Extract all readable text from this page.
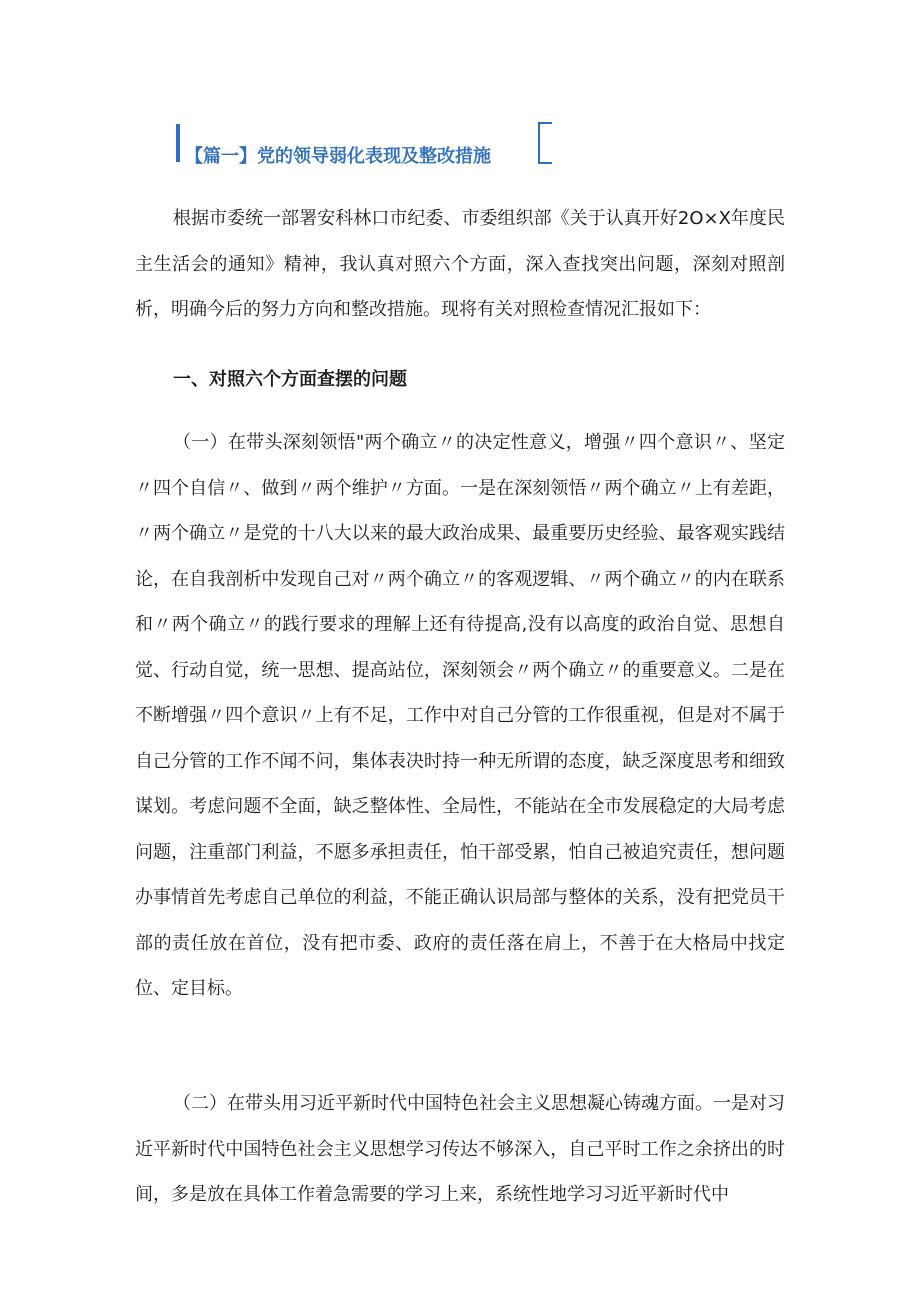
【篇一】党的领导弱化表现及整改措施

根据市委统一部署安科林口市纪委、市委组织部《关于认真开好2O×X年度民主生活会的通知》精神，我认真对照六个方面，深入查找突出问题，深刻对照剖析，明确今后的努力方向和整改措施。现将有关对照检查情况汇报如下：

一、对照六个方面查摆的问题

（一）在带头深刻领悟"两个确立〃的决定性意义，增强〃四个意识〃、坚定〃四个自信〃、做到〃两个维护〃方面。一是在深刻领悟〃两个确立〃上有差距，〃两个确立〃是党的十八大以来的最大政治成果、最重要历史经验、最客观实践结论，在自我剖析中发现自己对〃两个确立〃的客观逻辑、〃两个确立〃的内在联系和〃两个确立〃的践行要求的理解上还有待提高,没有以高度的政治自觉、思想自觉、行动自觉，统一思想、提高站位，深刻领会〃两个确立〃的重要意义。二是在不断增强〃四个意识〃上有不足，工作中对自己分管的工作很重视，但是对不属于自己分管的工作不闻不问，集体表决时持一种无所谓的态度，缺乏深度思考和细致谋划。考虑问题不全面，缺乏整体性、全局性，不能站在全市发展稳定的大局考虑问题，注重部门利益，不愿多承担责任，怕干部受累，怕自己被追究责任，想问题办事情首先考虑自己单位的利益，不能正确认识局部与整体的关系，没有把党员干部的责任放在首位，没有把市委、政府的责任落在肩上，不善于在大格局中找定位、定目标。

（二）在带头用习近平新时代中国特色社会主义思想凝心铸魂方面。一是对习近平新时代中国特色社会主义思想学习传达不够深入，自己平时工作之余挤出的时间，多是放在具体工作着急需要的学习上来，系统性地学习习近平新时代中
